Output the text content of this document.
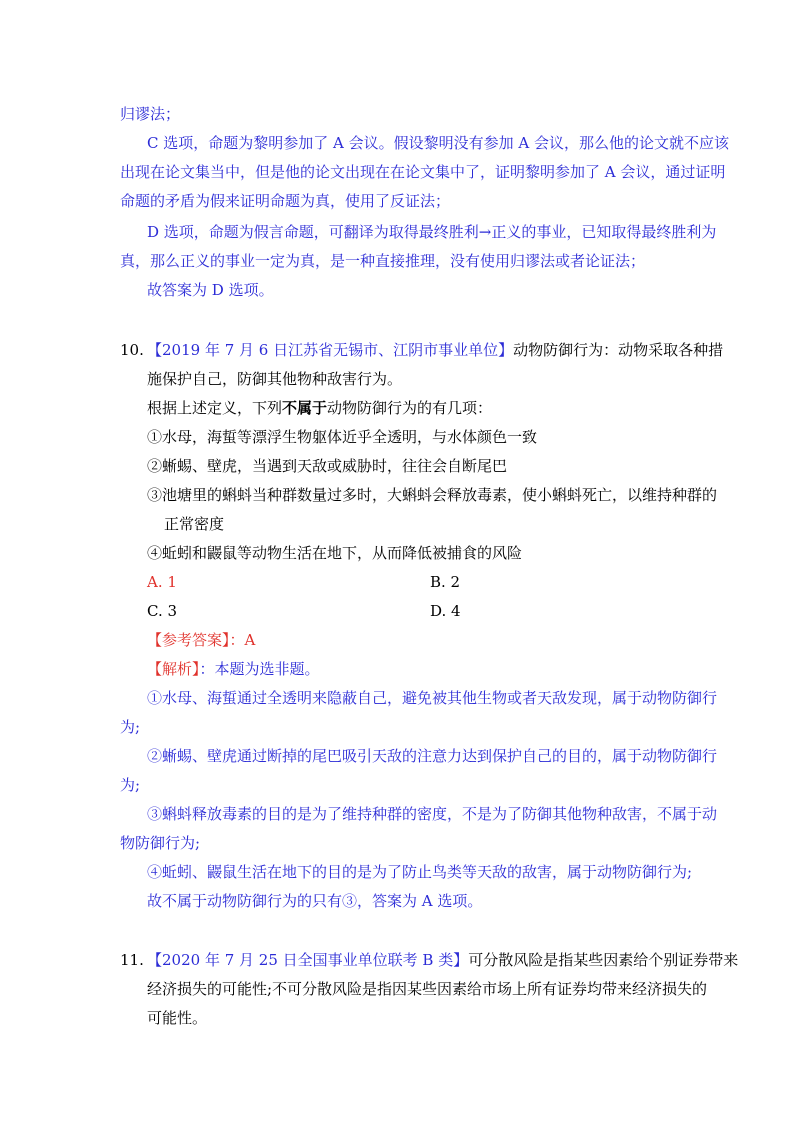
归谬法；
C 选项，命题为黎明参加了 A 会议。假设黎明没有参加 A 会议，那么他的论文就不应该
出现在论文集当中，但是他的论文出现在在论文集中了，证明黎明参加了 A 会议，通过证明
命题的矛盾为假来证明命题为真，使用了反证法；
D 选项，命题为假言命题，可翻译为取得最终胜利→正义的事业，已知取得最终胜利为
真，那么正义的事业一定为真，是一种直接推理，没有使用归谬法或者论证法；
故答案为 D 选项。
10. 【2019 年 7 月 6 日江苏省无锡市、江阴市事业单位】动物防御行为：动物采取各种措
施保护自己，防御其他物种敌害行为。
根据上述定义，下列不属于动物防御行为的有几项：
①水母，海蜇等漂浮生物躯体近乎全透明，与水体颜色一致
②蜥蜴、壁虎，当遇到天敌或威胁时，往往会自断尾巴
③池塘里的蝌蚪当种群数量过多时，大蝌蚪会释放毒素，使小蝌蚪死亡，以维持种群的
正常密度
④蚯蚓和鼹鼠等动物生活在地下，从而降低被捕食的风险
A. 1	B. 2
C. 3	D. 4
【参考答案】：A
【解析】：本题为选非题。
①水母、海蜇通过全透明来隐蔽自己，避免被其他生物或者天敌发现，属于动物防御行
为;
②蜥蜴、壁虎通过断掉的尾巴吸引天敌的注意力达到保护自己的目的，属于动物防御行
为;
③蝌蚪释放毒素的目的是为了维持种群的密度，不是为了防御其他物种敌害，不属于动
物防御行为;
④蚯蚓、鼹鼠生活在地下的目的是为了防止鸟类等天敌的敌害，属于动物防御行为;
故不属于动物防御行为的只有③，答案为 A 选项。
11. 【2020 年 7 月 25 日全国事业单位联考 B 类】可分散风险是指某些因素给个别证券带来
经济损失的可能性;不可分散风险是指因某些因素给市场上所有证券均带来经济损失的
可能性。
